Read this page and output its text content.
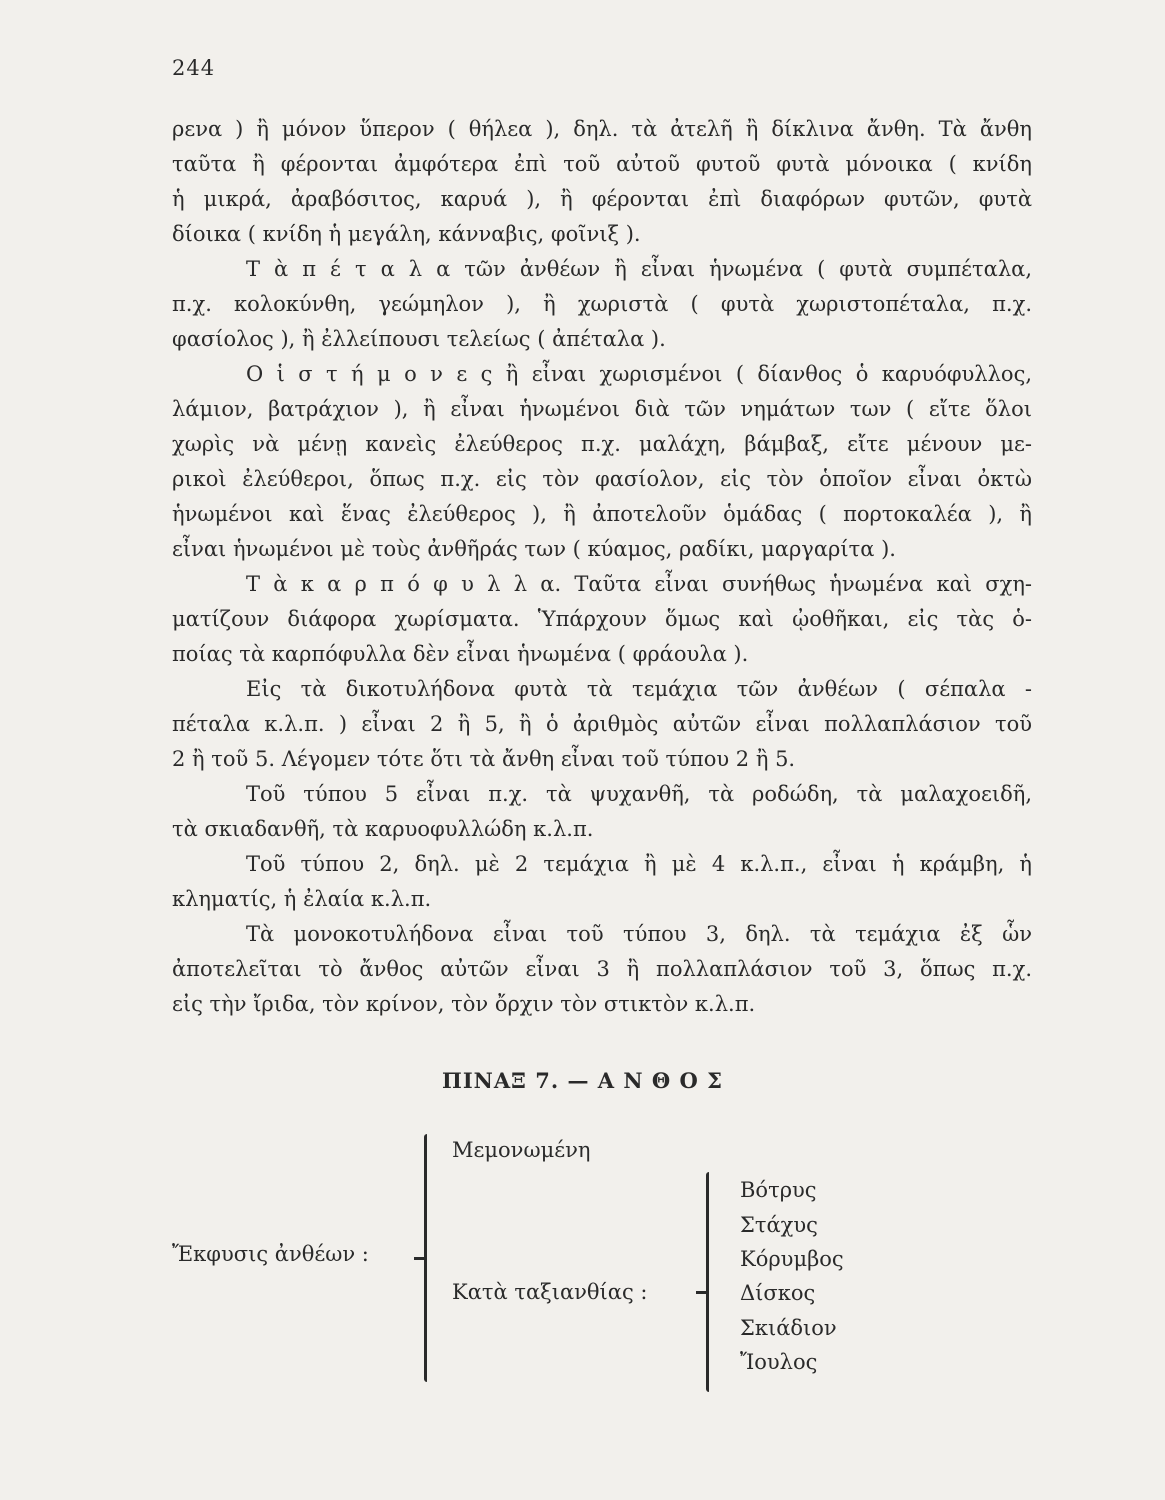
244
ρενα ) ἢ μόνον ὕπερον ( θήλεα ), δηλ. τὰ ἀτελῆ ἢ δίκλινα ἄνθη. Τὰ ἄνθη
ταῦτα ἢ φέρονται ἀμφότερα ἐπὶ τοῦ αὐτοῦ φυτοῦ φυτὰ μόνοικα ( κνίδη
ἡ μικρά, ἀραβόσιτος, καρυά ), ἢ φέρονται ἐπὶ διαφόρων φυτῶν, φυτὰ
δίοικα ( κνίδη ἡ μεγάλη, κάνναβις, φοῖνιξ ).
Τ ὰ π έ τ α λ α τῶν ἀνθέων ἢ εἶναι ἡνωμένα ( φυτὰ συμπέταλα,
π.χ. κολοκύνθη, γεώμηλον ), ἢ χωριστὰ ( φυτὰ χωριστοπέταλα, π.χ.
φασίολος ), ἢ ἐλλείπουσι τελείως ( ἀπέταλα ).
Ο ἱ σ τ ή μ ο ν ε ς ἢ εἶναι χωρισμένοι ( δίανθος ὁ καρυόφυλλος,
λάμιον, βατράχιον ), ἢ εἶναι ἡνωμένοι διὰ τῶν νημάτων των ( εἴτε ὅλοι
χωρὶς νὰ μένῃ κανεὶς ἐλεύθερος π.χ. μαλάχη, βάμβαξ, εἴτε μένουν με-
ρικοὶ ἐλεύθεροι, ὅπως π.χ. εἰς τὸν φασίολον, εἰς τὸν ὁποῖον εἶναι ὀκτὼ
ἡνωμένοι καὶ ἕνας ἐλεύθερος ), ἢ ἀποτελοῦν ὁμάδας ( πορτοκαλέα ), ἢ
εἶναι ἡνωμένοι μὲ τοὺς ἀνθῆράς των ( κύαμος, ραδίκι, μαργαρίτα ).
Τ ὰ κ α ρ π ό φ υ λ λ α. Ταῦτα εἶναι συνήθως ἡνωμένα καὶ σχη-
ματίζουν διάφορα χωρίσματα. Ὑπάρχουν ὅμως καὶ ᾠοθῆκαι, εἰς τὰς ὁ-
ποίας τὰ καρπόφυλλα δὲν εἶναι ἡνωμένα ( φράουλα ).
Εἰς τὰ δικοτυλήδονα φυτὰ τὰ τεμάχια τῶν ἀνθέων ( σέπαλα -
πέταλα κ.λ.π. ) εἶναι 2 ἢ 5, ἢ ὁ ἀριθμὸς αὐτῶν εἶναι πολλαπλάσιον τοῦ
2 ἢ τοῦ 5. Λέγομεν τότε ὅτι τὰ ἄνθη εἶναι τοῦ τύπου 2 ἢ 5.
Τοῦ τύπου 5 εἶναι π.χ. τὰ ψυχανθῆ, τὰ ροδώδη, τὰ μαλαχοειδῆ,
τὰ σκιαδανθῆ, τὰ καρυοφυλλώδη κ.λ.π.
Τοῦ τύπου 2, δηλ. μὲ 2 τεμάχια ἢ μὲ 4 κ.λ.π., εἶναι ἡ κράμβη, ἡ
κληματίς, ἡ ἐλαία κ.λ.π.
Τὰ μονοκοτυλήδονα εἶναι τοῦ τύπου 3, δηλ. τὰ τεμάχια ἐξ ὧν
ἀποτελεῖται τὸ ἄνθος αὐτῶν εἶναι 3 ἢ πολλαπλάσιον τοῦ 3, ὅπως π.χ.
εἰς τὴν ἴριδα, τὸν κρίνον, τὸν ὄρχιν τὸν στικτὸν κ.λ.π.
ΠΙΝΑΞ 7. — Α Ν Θ Ο Σ
Ἔκφυσις ἀνθέων :
Μεμονωμένη
Κατὰ ταξιανθίας :
Βότρυς
Στάχυς
Κόρυμβος
Δίσκος
Σκιάδιον
Ἴουλος
